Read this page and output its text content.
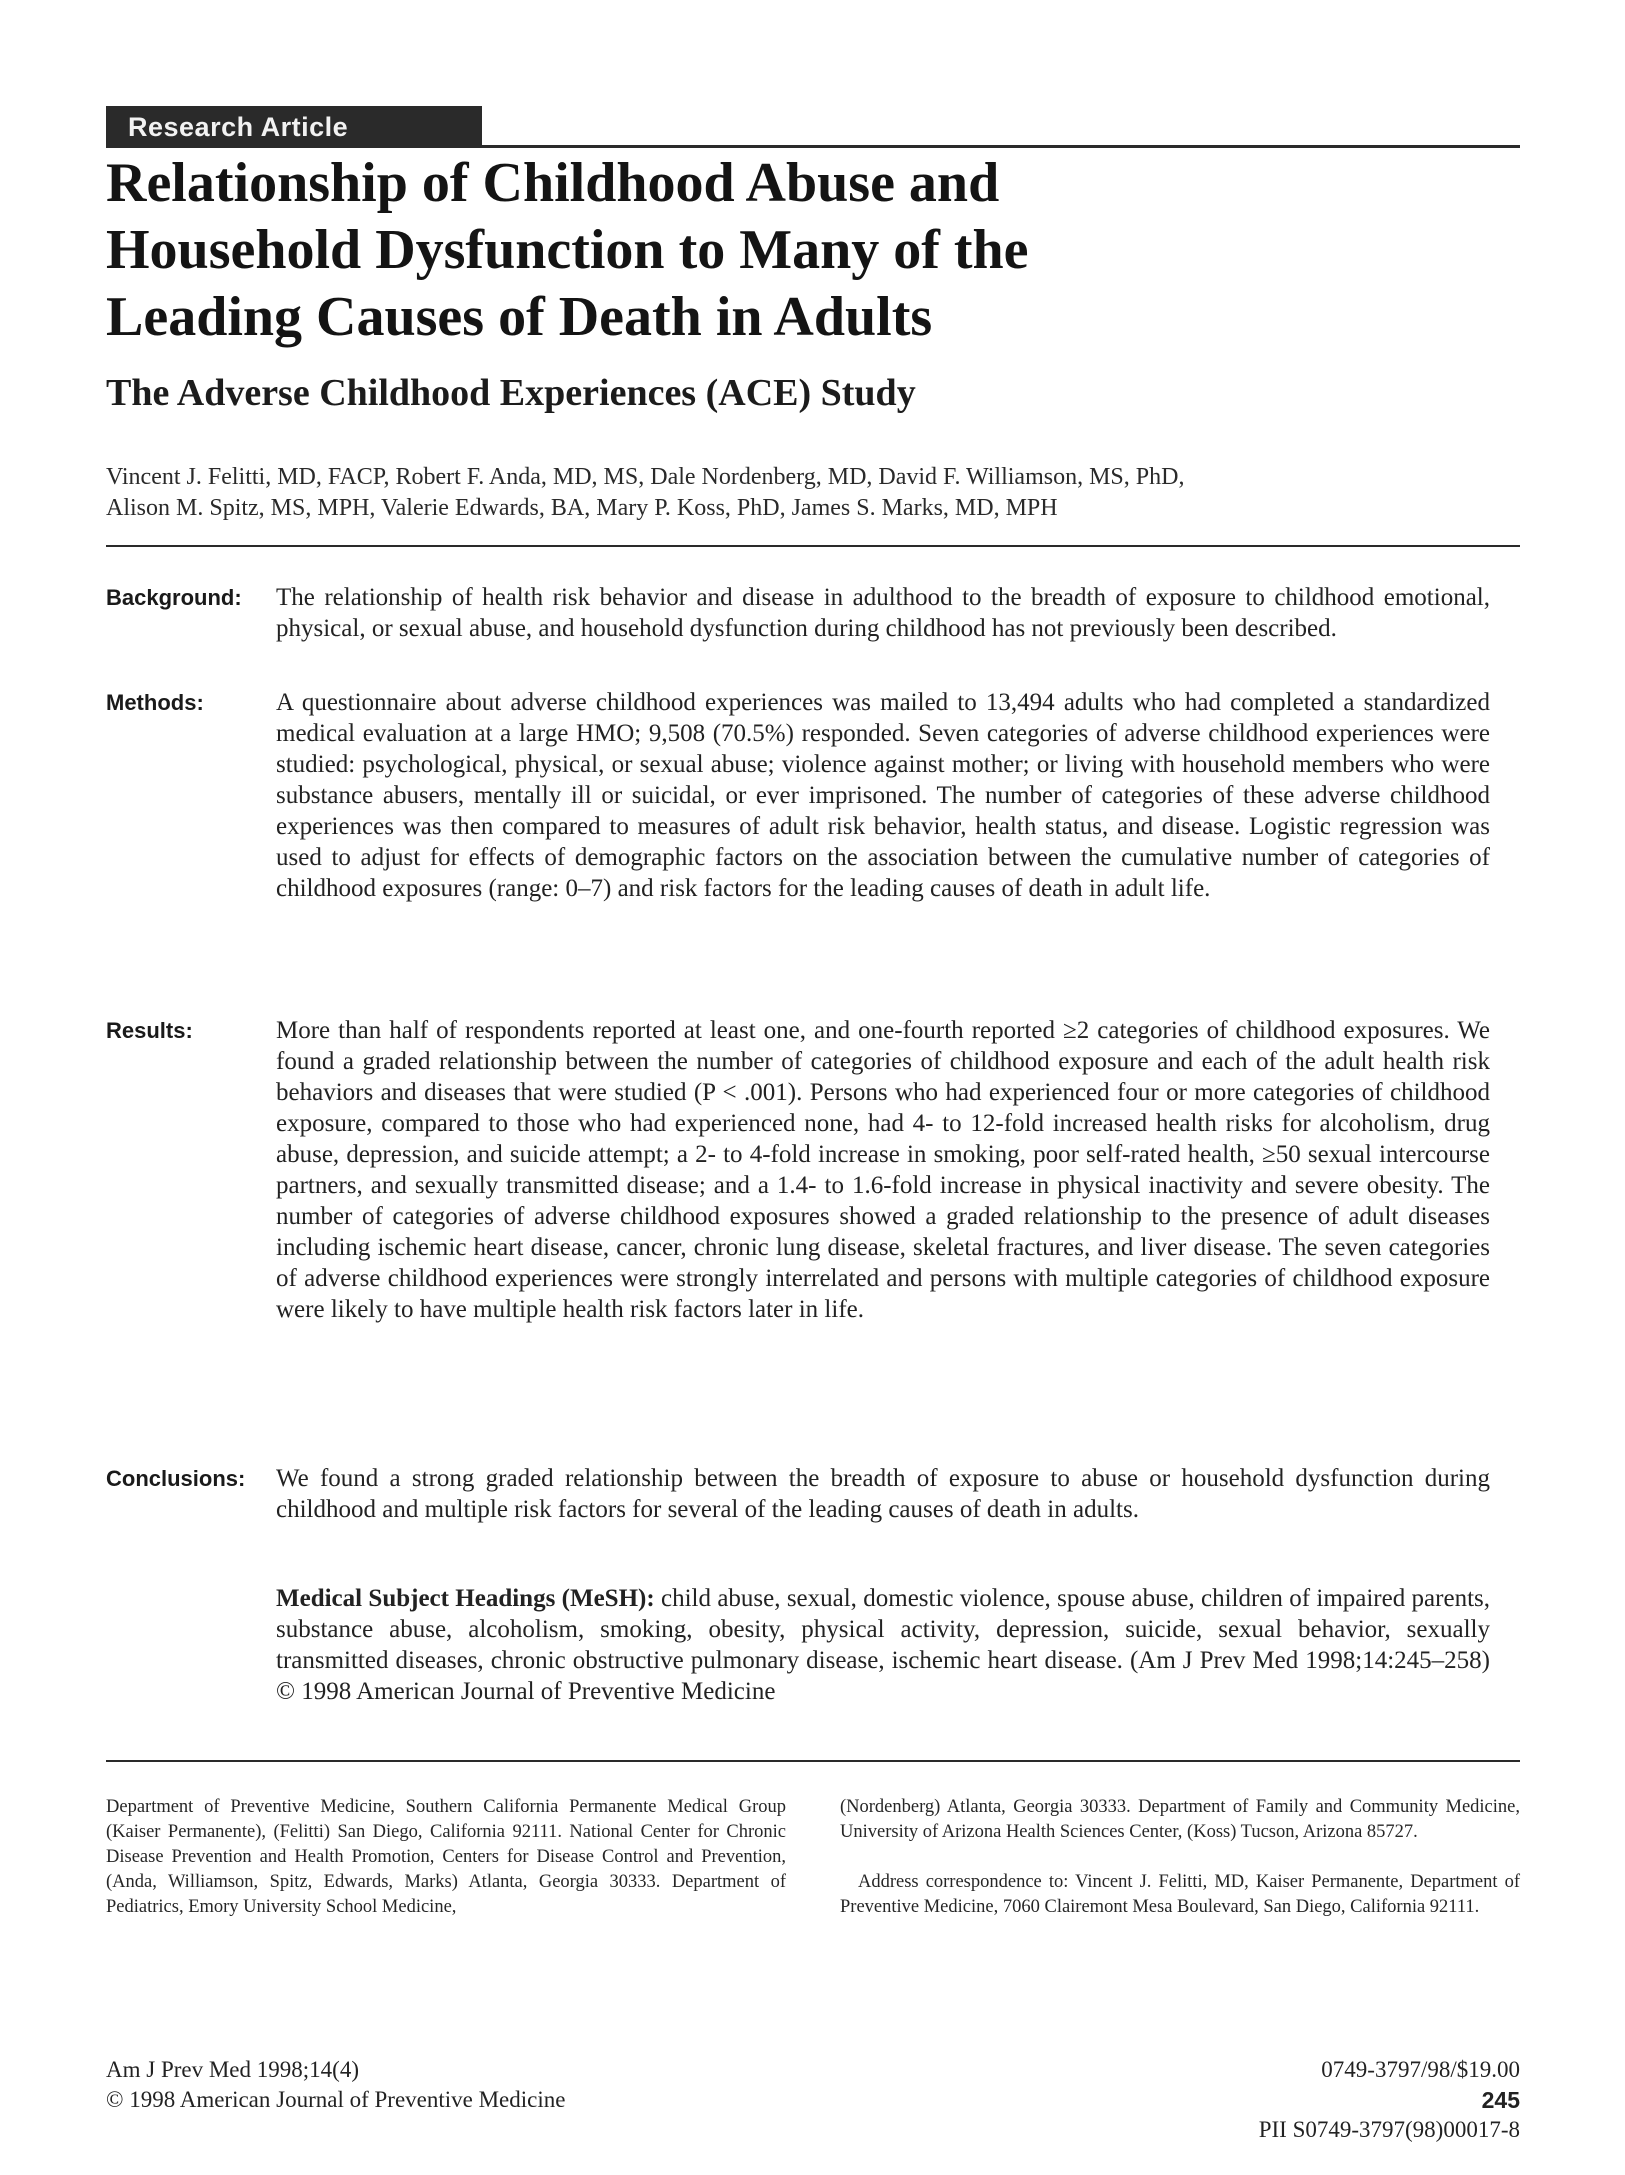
Research Article
Relationship of Childhood Abuse and
Household Dysfunction to Many of the
Leading Causes of Death in Adults
The Adverse Childhood Experiences (ACE) Study
Vincent J. Felitti, MD, FACP, Robert F. Anda, MD, MS, Dale Nordenberg, MD, David F. Williamson, MS, PhD,
Alison M. Spitz, MS, MPH, Valerie Edwards, BA, Mary P. Koss, PhD, James S. Marks, MD, MPH
Background: The relationship of health risk behavior and disease in adulthood to the breadth of exposure to childhood emotional, physical, or sexual abuse, and household dysfunction during childhood has not previously been described.

Methods:	A questionnaire about adverse childhood experiences was mailed to 13,494 adults who had completed a standardized medical evaluation at a large HMO; 9,508 (70.5%) responded. Seven categories of adverse childhood experiences were studied: psychological, physical, or sexual abuse; violence against mother; or living with household members who were substance abusers, mentally ill or suicidal, or ever imprisoned. The number of categories of these adverse childhood experiences was then compared to measures of adult risk behavior, health status, and disease. Logistic regression was used to adjust for effects of demographic factors on the association between the cumulative number of categories of childhood exposures (range: 0–7) and risk factors for the leading causes of death in adult life.

Results:	More than half of respondents reported at least one, and one-fourth reported ≥2 categories of childhood exposures. We found a graded relationship between the number of categories of childhood exposure and each of the adult health risk behaviors and diseases that were studied (P < .001). Persons who had experienced four or more categories of childhood exposure, compared to those who had experienced none, had 4- to 12-fold increased health risks for alcoholism, drug abuse, depression, and suicide attempt; a 2- to 4-fold increase in smoking, poor self-rated health, ≥50 sexual intercourse partners, and sexually transmitted disease; and a 1.4- to 1.6-fold increase in physical inactivity and severe obesity. The number of categories of adverse childhood exposures showed a graded relationship to the presence of adult diseases including ischemic heart disease, cancer, chronic lung disease, skeletal fractures, and liver disease. The seven categories of adverse childhood experiences were strongly interrelated and persons with multiple categories of childhood exposure were likely to have multiple health risk factors later in life.

Conclusions: We found a strong graded relationship between the breadth of exposure to abuse or household dysfunction during childhood and multiple risk factors for several of the leading causes of death in adults.

Medical Subject Headings (MeSH): child abuse, sexual, domestic violence, spouse abuse, children of impaired parents, substance abuse, alcoholism, smoking, obesity, physical activity, depression, suicide, sexual behavior, sexually transmitted diseases, chronic obstructive pulmonary disease, ischemic heart disease. (Am J Prev Med 1998;14:245–258) © 1998 American Journal of Preventive Medicine

Department of Preventive Medicine, Southern California Permanente Medical Group (Kaiser Permanente), (Felitti) San Diego, California 92111. National Center for Chronic Disease Prevention and Health Promotion, Centers for Disease Control and Prevention, (Anda, Williamson, Spitz, Edwards, Marks) Atlanta, Georgia 30333. Department of Pediatrics, Emory University School Medicine,

(Nordenberg) Atlanta, Georgia 30333. Department of Family and Community Medicine, University of Arizona Health Sciences Center, (Koss) Tucson, Arizona 85727.
Address correspondence to: Vincent J. Felitti, MD, Kaiser Permanente, Department of Preventive Medicine, 7060 Clairemont Mesa Boulevard, San Diego, California 92111.

Am J Prev Med 1998;14(4)
© 1998 American Journal of Preventive Medicine
0749-3797/98/$19.00
245
PII S0749-3797(98)00017-8
